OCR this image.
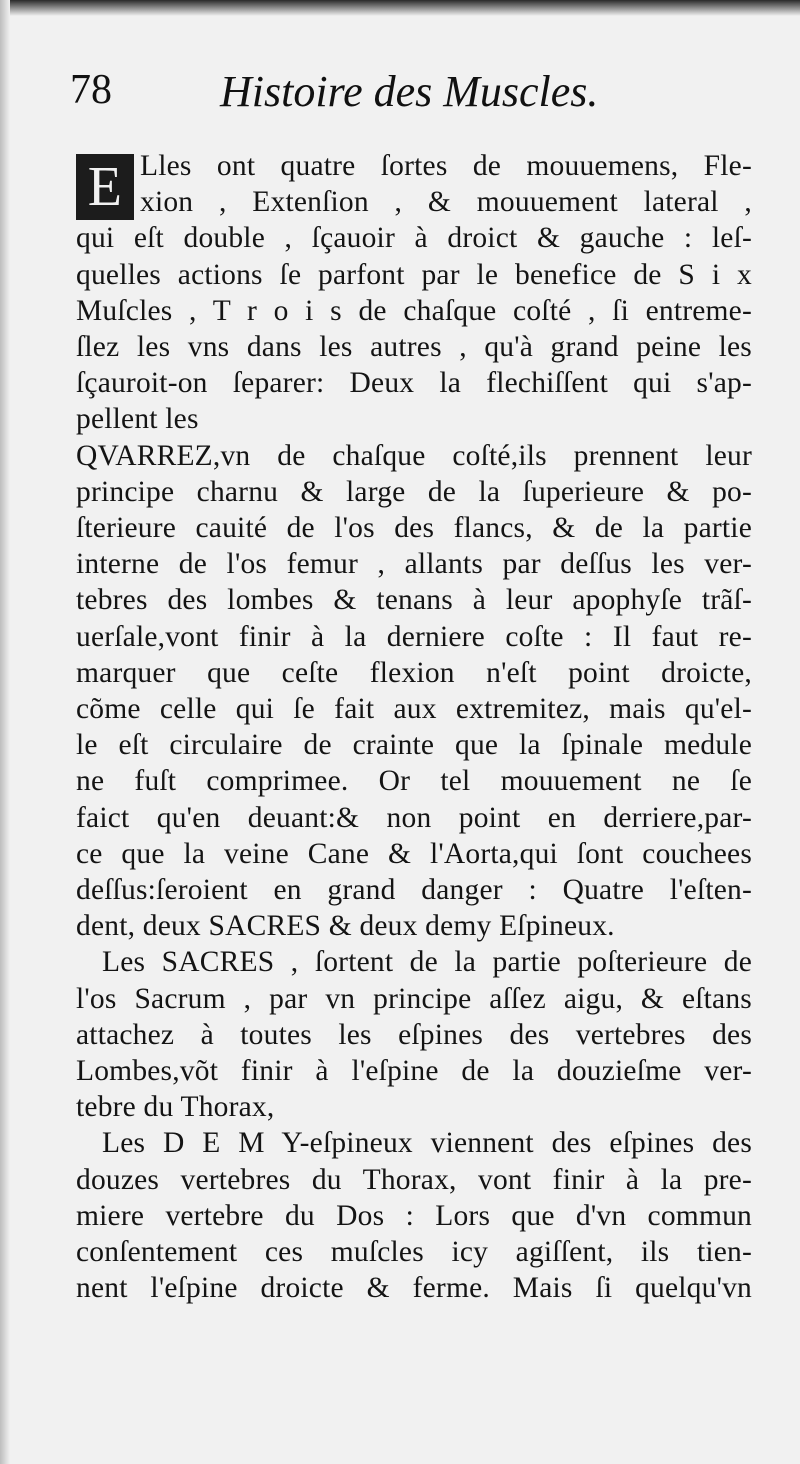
78 Histoire des Muscles.
E Lles ont quatre ſortes de mouuemens, Fle-
xion , Extenſion , & mouuement lateral ,
qui eſt double , ſçauoir à droict & gauche : leſ-
quelles actions ſe parfont par le benefice de S i x
Muſcles , T r o i s de chaſque coſté , ſi entreme-
ſlez les vns dans les autres , qu'à grand peine les
ſçauroit-on ſeparer: Deux la flechiſſent qui s'ap-
pellent les
QVARREZ,vn de chaſque coſté,ils prennent leur
principe charnu & large de la ſuperieure & po-
ſterieure cauité de l'os des flancs, & de la partie
interne de l'os femur , allants par deſſus les ver-
tebres des lombes & tenans à leur apophyſe trãſ-
uerſale,vont finir à la derniere coſte : Il faut re-
marquer que ceſte flexion n'eſt point droicte,
cõme celle qui ſe fait aux extremitez, mais qu'el-
le eſt circulaire de crainte que la ſpinale medule
ne fuſt comprimee. Or tel mouuement ne ſe
faict qu'en deuant:& non point en derriere,par-
ce que la veine Cane & l'Aorta,qui ſont couchees
deſſus:ſeroient en grand danger : Quatre l'eſten-
dent, deux SACRES & deux demy Eſpineux.
Les SACRES , ſortent de la partie poſterieure de
l'os Sacrum , par vn principe aſſez aigu, & eſtans
attachez à toutes les eſpines des vertebres des
Lombes,võt finir à l'eſpine de la douzieſme ver-
tebre du Thorax,
Les D E M Y-eſpineux viennent des eſpines des
douzes vertebres du Thorax, vont finir à la pre-
miere vertebre du Dos : Lors que d'vn commun
conſentement ces muſcles icy agiſſent, ils tien-
nent l'eſpine droicte & ferme. Mais ſi quelqu'vn
